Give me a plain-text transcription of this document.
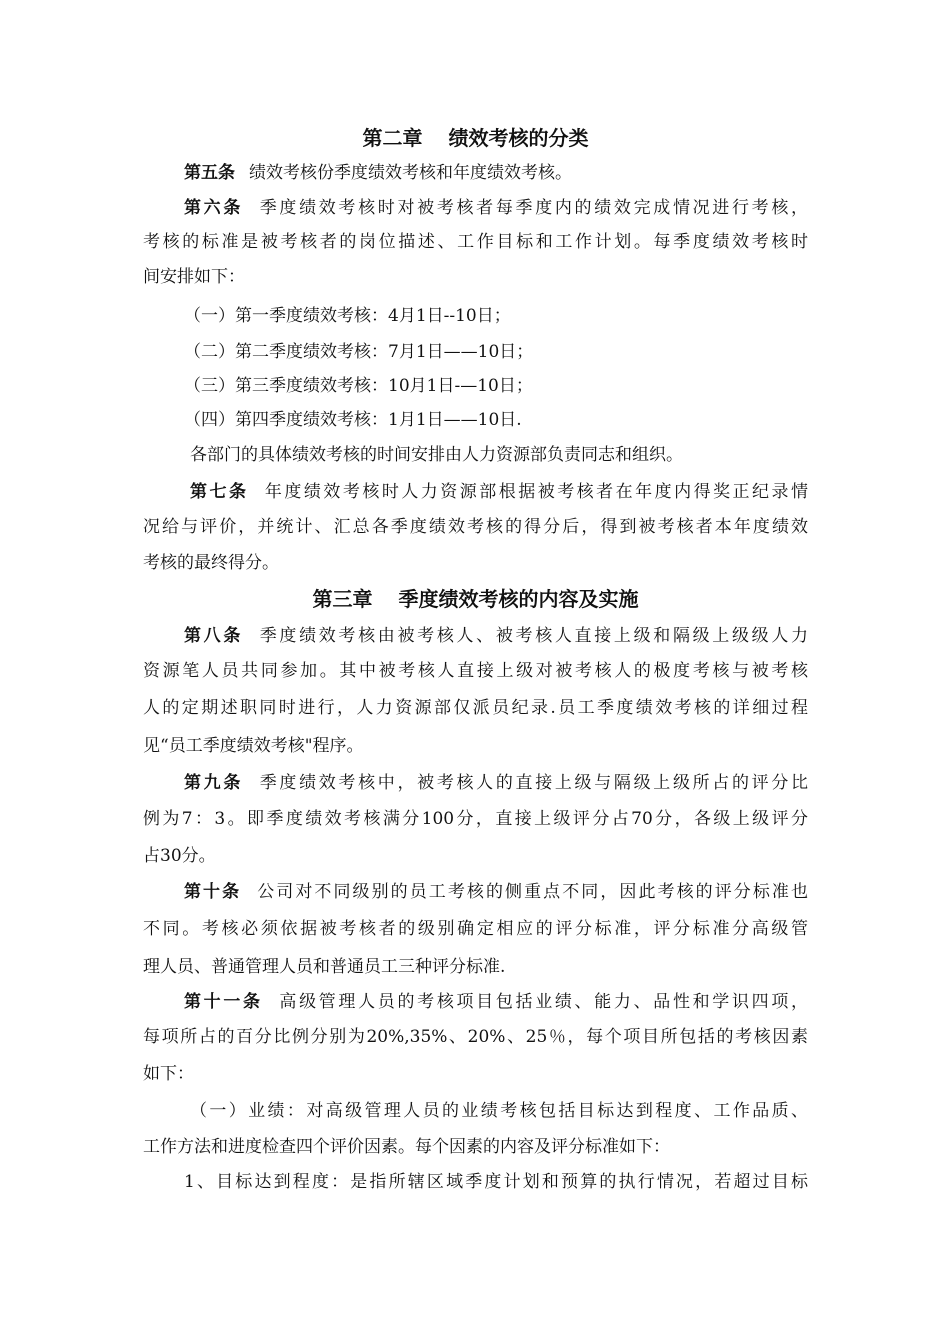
第二章 绩效考核的分类
第五条 绩效考核份季度绩效考核和年度绩效考核。
第六条 季度绩效考核时对被考核者每季度内的绩效完成情况进行考核，
考核的标准是被考核者的岗位描述、工作目标和工作计划。每季度绩效考核时
间安排如下：
（一）第一季度绩效考核：4月1日--10日；
（二）第二季度绩效考核：7月1日——10日；
（三）第三季度绩效考核：10月1日-—10日；
（四）第四季度绩效考核：1月1日——10日.
各部门的具体绩效考核的时间安排由人力资源部负责同志和组织。
第七条 年度绩效考核时人力资源部根据被考核者在年度内得奖正纪录情
况给与评价，并统计、汇总各季度绩效考核的得分后，得到被考核者本年度绩效
考核的最终得分。
第三章 季度绩效考核的内容及实施
第八条 季度绩效考核由被考核人、被考核人直接上级和隔级上级级人力
资源笔人员共同参加。其中被考核人直接上级对被考核人的极度考核与被考核
人的定期述职同时进行，人力资源部仅派员纪录.员工季度绩效考核的详细过程
见“员工季度绩效考核"程序。
第九条 季度绩效考核中，被考核人的直接上级与隔级上级所占的评分比
例为7：3。即季度绩效考核满分100分，直接上级评分占70分，各级上级评分
占30分。
第十条 公司对不同级别的员工考核的侧重点不同，因此考核的评分标准也
不同。考核必须依据被考核者的级别确定相应的评分标准，评分标准分高级管
理人员、普通管理人员和普通员工三种评分标准.
第十一条 高级管理人员的考核项目包括业绩、能力、品性和学识四项，
每项所占的百分比例分别为20%,35%、20%、25％，每个项目所包括的考核因素
如下：
（一）业绩：对高级管理人员的业绩考核包括目标达到程度、工作品质、
工作方法和进度检查四个评价因素。每个因素的内容及评分标准如下：
1、目标达到程度：是指所辖区域季度计划和预算的执行情况，若超过目标
